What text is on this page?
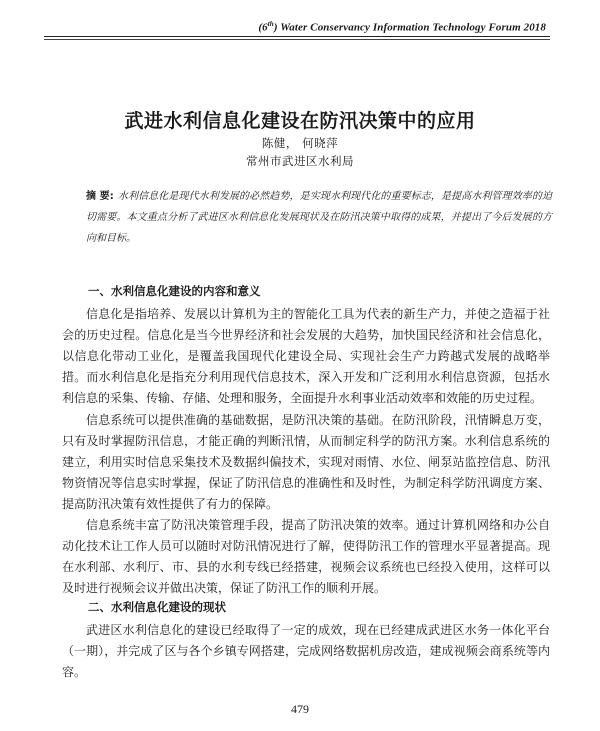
(6th) Water Conservancy Information Technology Forum 2018
武进水利信息化建设在防汛决策中的应用
陈健， 何晓萍
常州市武进区水利局
摘 要: 水利信息化是现代水利发展的必然趋势，是实现水利现代化的重要标志，是提高水利管理效率的迫切需要。本文重点分析了武进区水利信息化发展现状及在防汛决策中取得的成果，并提出了今后发展的方向和目标。
一、水利信息化建设的内容和意义
信息化是指培养、发展以计算机为主的智能化工具为代表的新生产力，并使之造福于社会的历史过程。信息化是当今世界经济和社会发展的大趋势，加快国民经济和社会信息化，以信息化带动工业化，是覆盖我国现代化建设全局、实现社会生产力跨越式发展的战略举措。而水利信息化是指充分利用现代信息技术，深入开发和广泛利用水利信息资源，包括水利信息的采集、传输、存储、处理和服务，全面提升水利事业活动效率和效能的历史过程。
信息系统可以提供准确的基础数据，是防汛决策的基础。在防汛阶段，汛情瞬息万变，只有及时掌握防汛信息，才能正确的判断汛情，从而制定科学的防汛方案。水利信息系统的建立，利用实时信息采集技术及数据纠偏技术，实现对雨情、水位、闸泵站监控信息、防汛物资情况等信息实时掌握，保证了防汛信息的准确性和及时性，为制定科学防汛调度方案、提高防汛决策有效性提供了有力的保障。
信息系统丰富了防汛决策管理手段，提高了防汛决策的效率。通过计算机网络和办公自动化技术让工作人员可以随时对防汛情况进行了解，使得防汛工作的管理水平显著提高。现在水利部、水利厅、市、县的水利专线已经搭建，视频会议系统也已经投入使用，这样可以及时进行视频会议并做出决策，保证了防汛工作的顺利开展。
二、水利信息化建设的现状
武进区水利信息化的建设已经取得了一定的成效，现在已经建成武进区水务一体化平台（一期），并完成了区与各个乡镇专网搭建，完成网络数据机房改造，建成视频会商系统等内容。
479
